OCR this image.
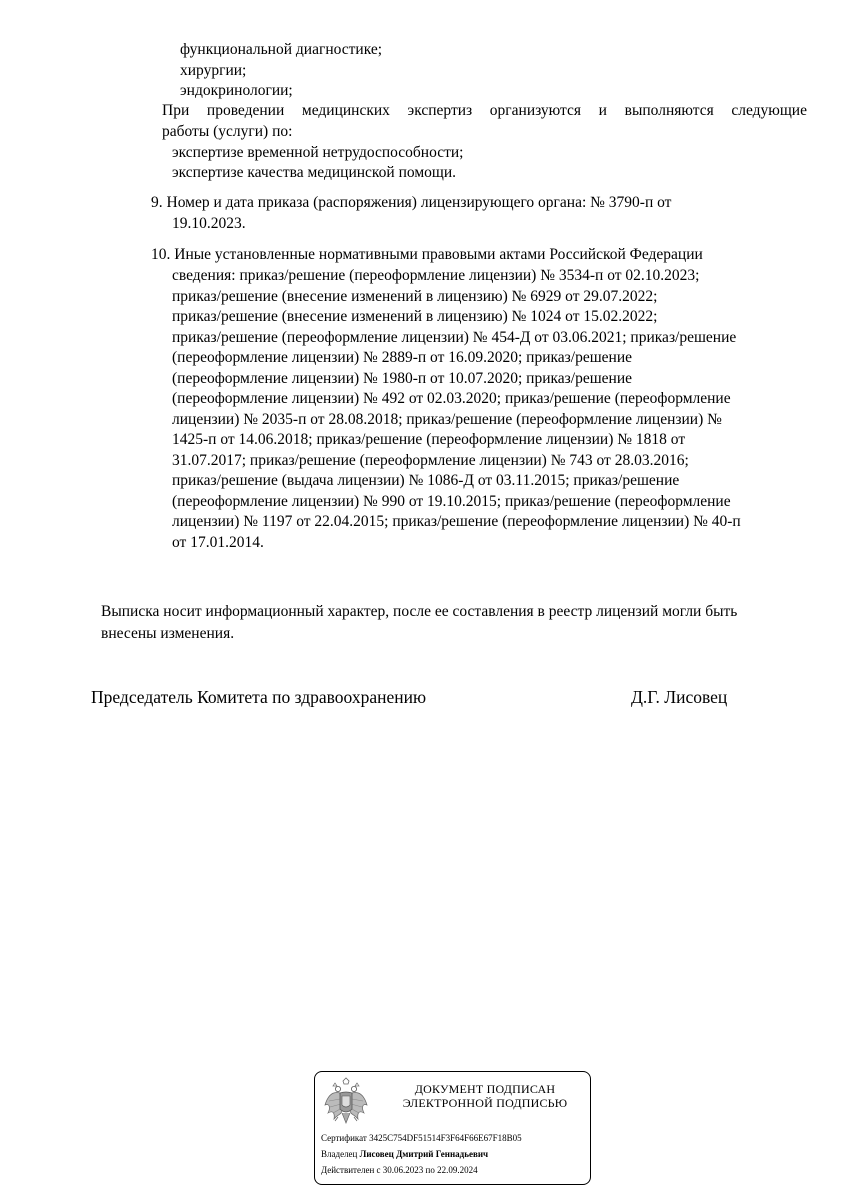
функциональной диагностике;
хирургии;
эндокринологии;
При проведении медицинских экспертиз организуются и выполняются следующие
работы (услуги) по:
экспертизе временной нетрудоспособности;
экспертизе качества медицинской помощи.
9. Номер и дата приказа (распоряжения) лицензирующего органа: № 3790-п от
19.10.2023.
10. Иные установленные нормативными правовыми актами Российской Федерации
сведения: приказ/решение (переоформление лицензии) № 3534-п от 02.10.2023;
приказ/решение (внесение изменений в лицензию) № 6929 от 29.07.2022;
приказ/решение (внесение изменений в лицензию) № 1024 от 15.02.2022;
приказ/решение (переоформление лицензии) № 454-Д от 03.06.2021; приказ/решение
(переоформление лицензии) № 2889-п от 16.09.2020; приказ/решение
(переоформление лицензии) № 1980-п от 10.07.2020; приказ/решение
(переоформление лицензии) № 492 от 02.03.2020; приказ/решение (переоформление
лицензии) № 2035-п от 28.08.2018; приказ/решение (переоформление лицензии) №
1425-п от 14.06.2018; приказ/решение (переоформление лицензии) № 1818 от
31.07.2017; приказ/решение (переоформление лицензии) № 743 от 28.03.2016;
приказ/решение (выдача лицензии) № 1086-Д от 03.11.2015; приказ/решение
(переоформление лицензии) № 990 от 19.10.2015; приказ/решение (переоформление
лицензии) № 1197 от 22.04.2015; приказ/решение (переоформление лицензии) № 40-п
от 17.01.2014.
Выписка носит информационный характер, после ее составления в реестр лицензий могли быть
внесены изменения.
Председатель Комитета по здравоохранению	Д.Г. Лисовец
ДОКУМЕНТ ПОДПИСАН
ЭЛЕКТРОННОЙ ПОДПИСЬЮ
Сертификат 3425C754DF51514F3F64F66E67F18B05
Владелец Лисовец Дмитрий Геннадьевич
Действителен с 30.06.2023 по 22.09.2024
